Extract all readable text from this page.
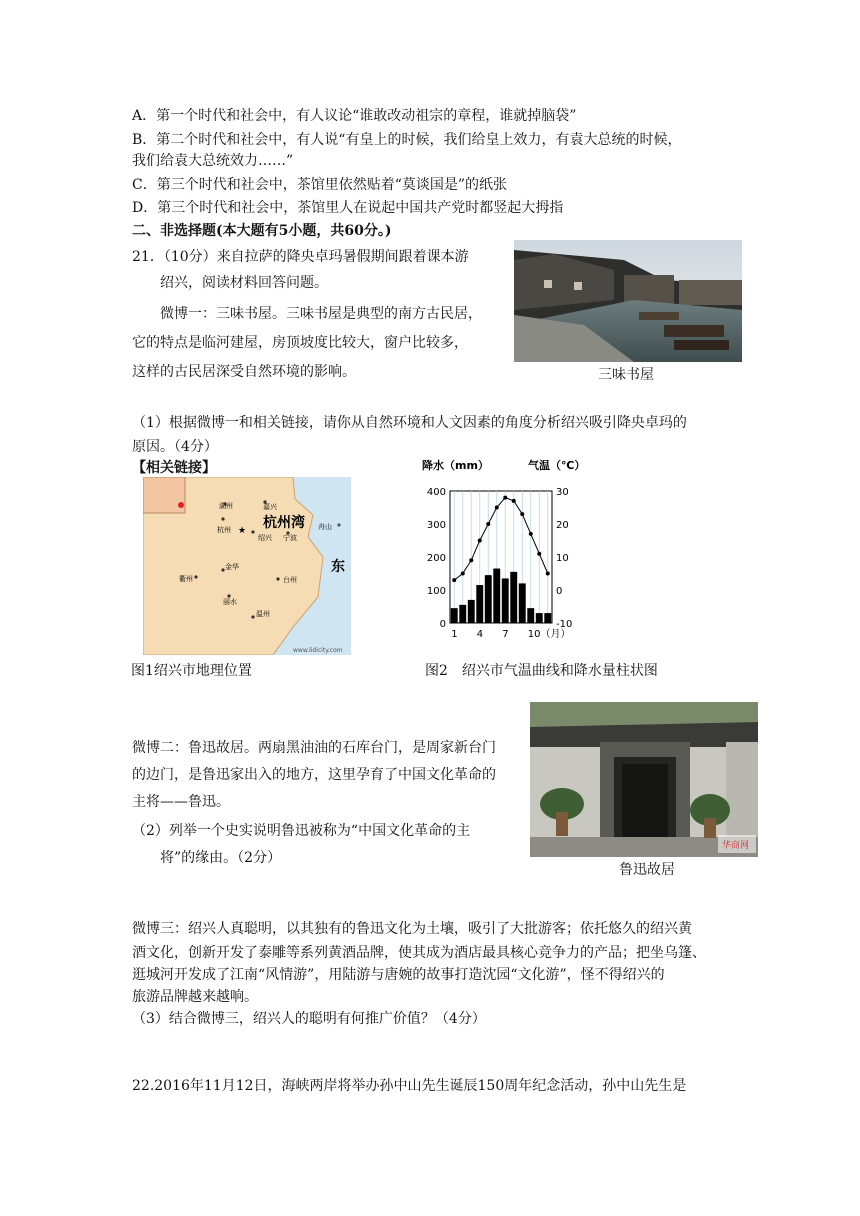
A．第一个时代和社会中，有人议论“谁敢改动祖宗的章程，谁就掉脑袋”
B．第二个时代和社会中，有人说“有皇上的时候，我们给皇上效力，有袁大总统的时候，
我们给袁大总统效力……”
C．第三个时代和社会中，茶馆里依然贴着“莫谈国是”的纸张
D．第三个时代和社会中，茶馆里人在说起中国共产党时都竖起大拇指
二、非选择题(本大题有5小题，共60分。)
21．（10分）来自拉萨的降央卓玛暑假期间跟着课本游
绍兴，阅读材料回答问题。
微博一：三味书屋。三味书屋是典型的南方古民居，
它的特点是临河建屋，房顶坡度比较大，窗户比较多，
这样的古民居深受自然环境的影响。	三味书屋
（1）根据微博一和相关链接，请你从自然环境和人文因素的角度分析绍兴吸引降央卓玛的
原因。（4分）
【相关链接】
湖州	嘉兴
杭州湾
杭州
绍兴 宁波
舟山
金华
衢州	台州
丽水
温州
东
www.lidicity.com
★
图1绍兴市地理位置
降水（mm）	气温（℃）
400
300
200
100
0
30
20
10
0
-10
1 4 7 10（月）
图2　绍兴市气温曲线和降水量柱状图
微博二：鲁迅故居。两扇黑油油的石库台门，是周家新台门
的边门，是鲁迅家出入的地方，这里孕育了中国文化革命的
主将——鲁迅。
（2）列举一个史实说明鲁迅被称为“中国文化革命的主
将”的缘由。（2分）
华商网
鲁迅故居
微博三：绍兴人真聪明，以其独有的鲁迅文化为土壤，吸引了大批游客；依托悠久的绍兴黄
酒文化，创新开发了泰雕等系列黄酒品牌，使其成为酒店最具核心竞争力的产品；把坐乌篷、
逛城河开发成了江南“风情游”，用陆游与唐婉的故事打造沈园“文化游”，怪不得绍兴的
旅游品牌越来越响。
（3）结合微博三，绍兴人的聪明有何推广价值？（4分）
22.2016年11月12日，海峡两岸将举办孙中山先生诞辰150周年纪念活动，孙中山先生是
